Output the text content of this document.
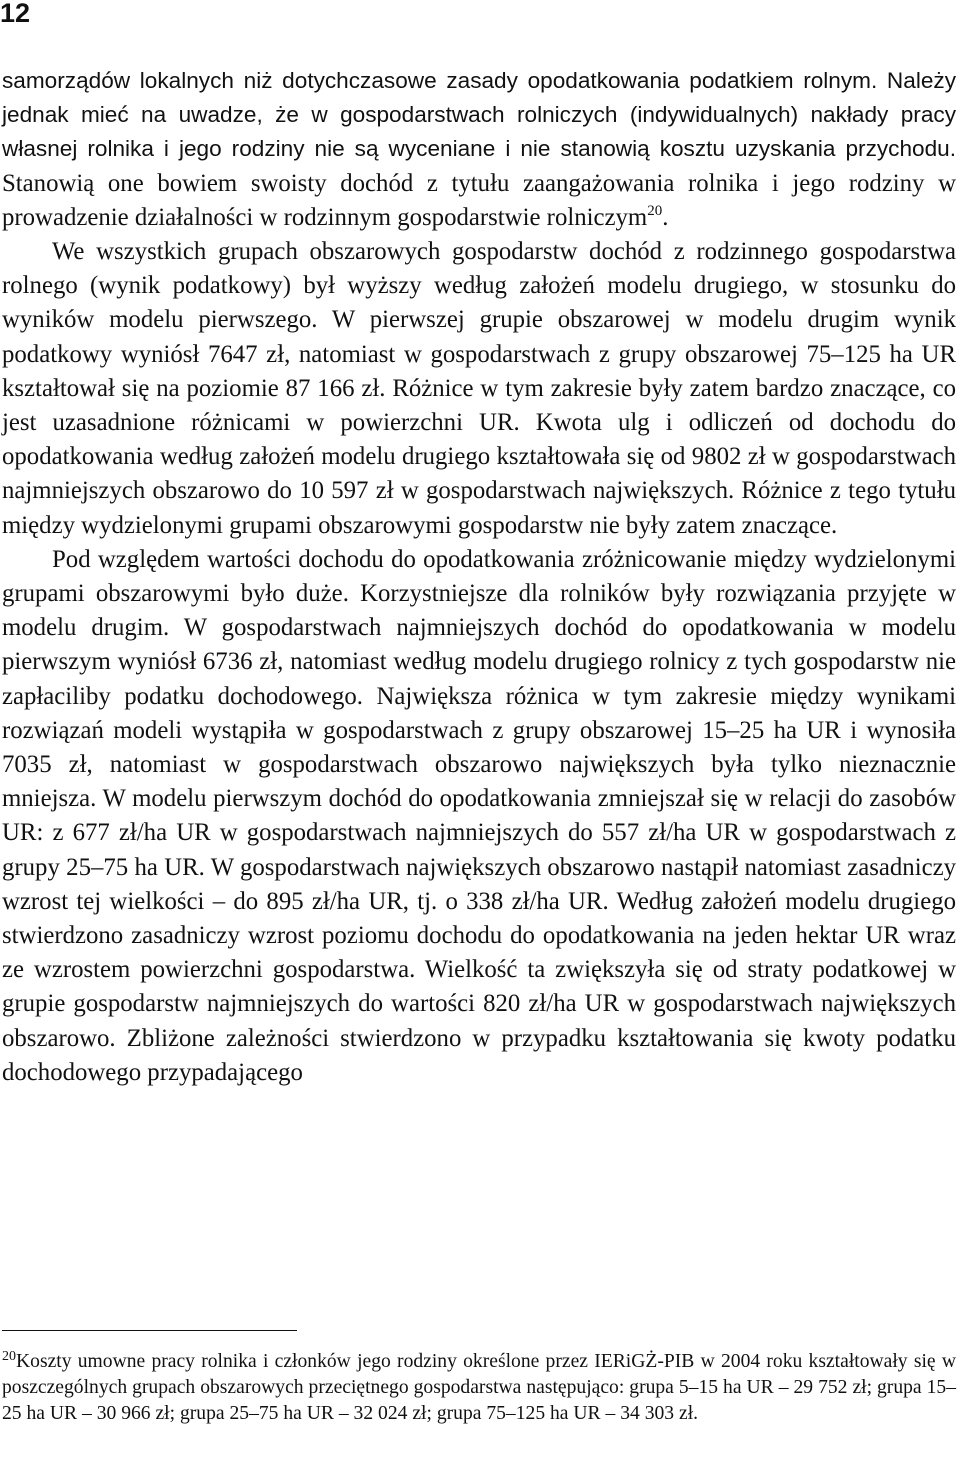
12

samorządów lokalnych niż dotychczasowe zasady opodatkowania podatkiem rolnym. Należy jednak mieć na uwadze, że w gospodarstwach rolniczych (indywidualnych) nakłady pracy własnej rolnika i jego rodziny nie są wyceniane i nie stanowią kosztu uzyskania przychodu. Stanowią one bowiem swoisty dochód z tytułu zaangażowania rolnika i jego rodziny w prowadzenie działalności w rodzinnym gospodarstwie rolniczym$^{20}$.

We wszystkich grupach obszarowych gospodarstw dochód z rodzinnego gospodarstwa rolnego (wynik podatkowy) był wyższy według założeń modelu drugiego, w stosunku do wyników modelu pierwszego. W pierwszej grupie obszarowej w modelu drugim wynik podatkowy wyniósł 7647 zł, natomiast w gospodarstwach z grupy obszarowej 75–125 ha UR kształtował się na poziomie 87 166 zł. Różnice w tym zakresie były zatem bardzo znaczące, co jest uzasadnione różnicami w powierzchni UR. Kwota ulg i odliczeń od dochodu do opodatkowania według założeń modelu drugiego kształtowała się od 9802 zł w gospodarstwach najmniejszych obszarowo do 10 597 zł w gospodarstwach największych. Różnice z tego tytułu między wydzielonymi grupami obszarowymi gospodarstw nie były zatem znaczące.

Pod względem wartości dochodu do opodatkowania zróżnicowanie między wydzielonymi grupami obszarowymi było duże. Korzystniejsze dla rolników były rozwiązania przyjęte w modelu drugim. W gospodarstwach najmniejszych dochód do opodatkowania w modelu pierwszym wyniósł 6736 zł, natomiast według modelu drugiego rolnicy z tych gospodarstw nie zapłaciliby podatku dochodowego. Największa różnica w tym zakresie między wynikami rozwiązań modeli wystąpiła w gospodarstwach z grupy obszarowej 15–25 ha UR i wynosiła 7035 zł, natomiast w gospodarstwach obszarowo największych była tylko nieznacznie mniejsza. W modelu pierwszym dochód do opodatkowania zmniejszał się w relacji do zasobów UR: z 677 zł/ha UR w gospodarstwach najmniejszych do 557 zł/ha UR w gospodarstwach z grupy 25–75 ha UR. W gospodarstwach największych obszarowo nastąpił natomiast zasadniczy wzrost tej wielkości – do 895 zł/ha UR, tj. o 338 zł/ha UR. Według założeń modelu drugiego stwierdzono zasadniczy wzrost poziomu dochodu do opodatkowania na jeden hektar UR wraz ze wzrostem powierzchni gospodarstwa. Wielkość ta zwiększyła się od straty podatkowej w grupie gospodarstw najmniejszych do wartości 820 zł/ha UR w gospodarstwach największych obszarowo. Zbliżone zależności stwierdzono w przypadku kształtowania się kwoty podatku dochodowego przypadającego

$^{20}$Koszty umowne pracy rolnika i członków jego rodziny określone przez IERiGŻ-PIB w 2004 roku kształtowały się w poszczególnych grupach obszarowych przeciętnego gospodarstwa następująco: grupa 5–15 ha UR – 29 752 zł; grupa 15–25 ha UR – 30 966 zł; grupa 25–75 ha UR – 32 024 zł; grupa 75–125 ha UR – 34 303 zł.
